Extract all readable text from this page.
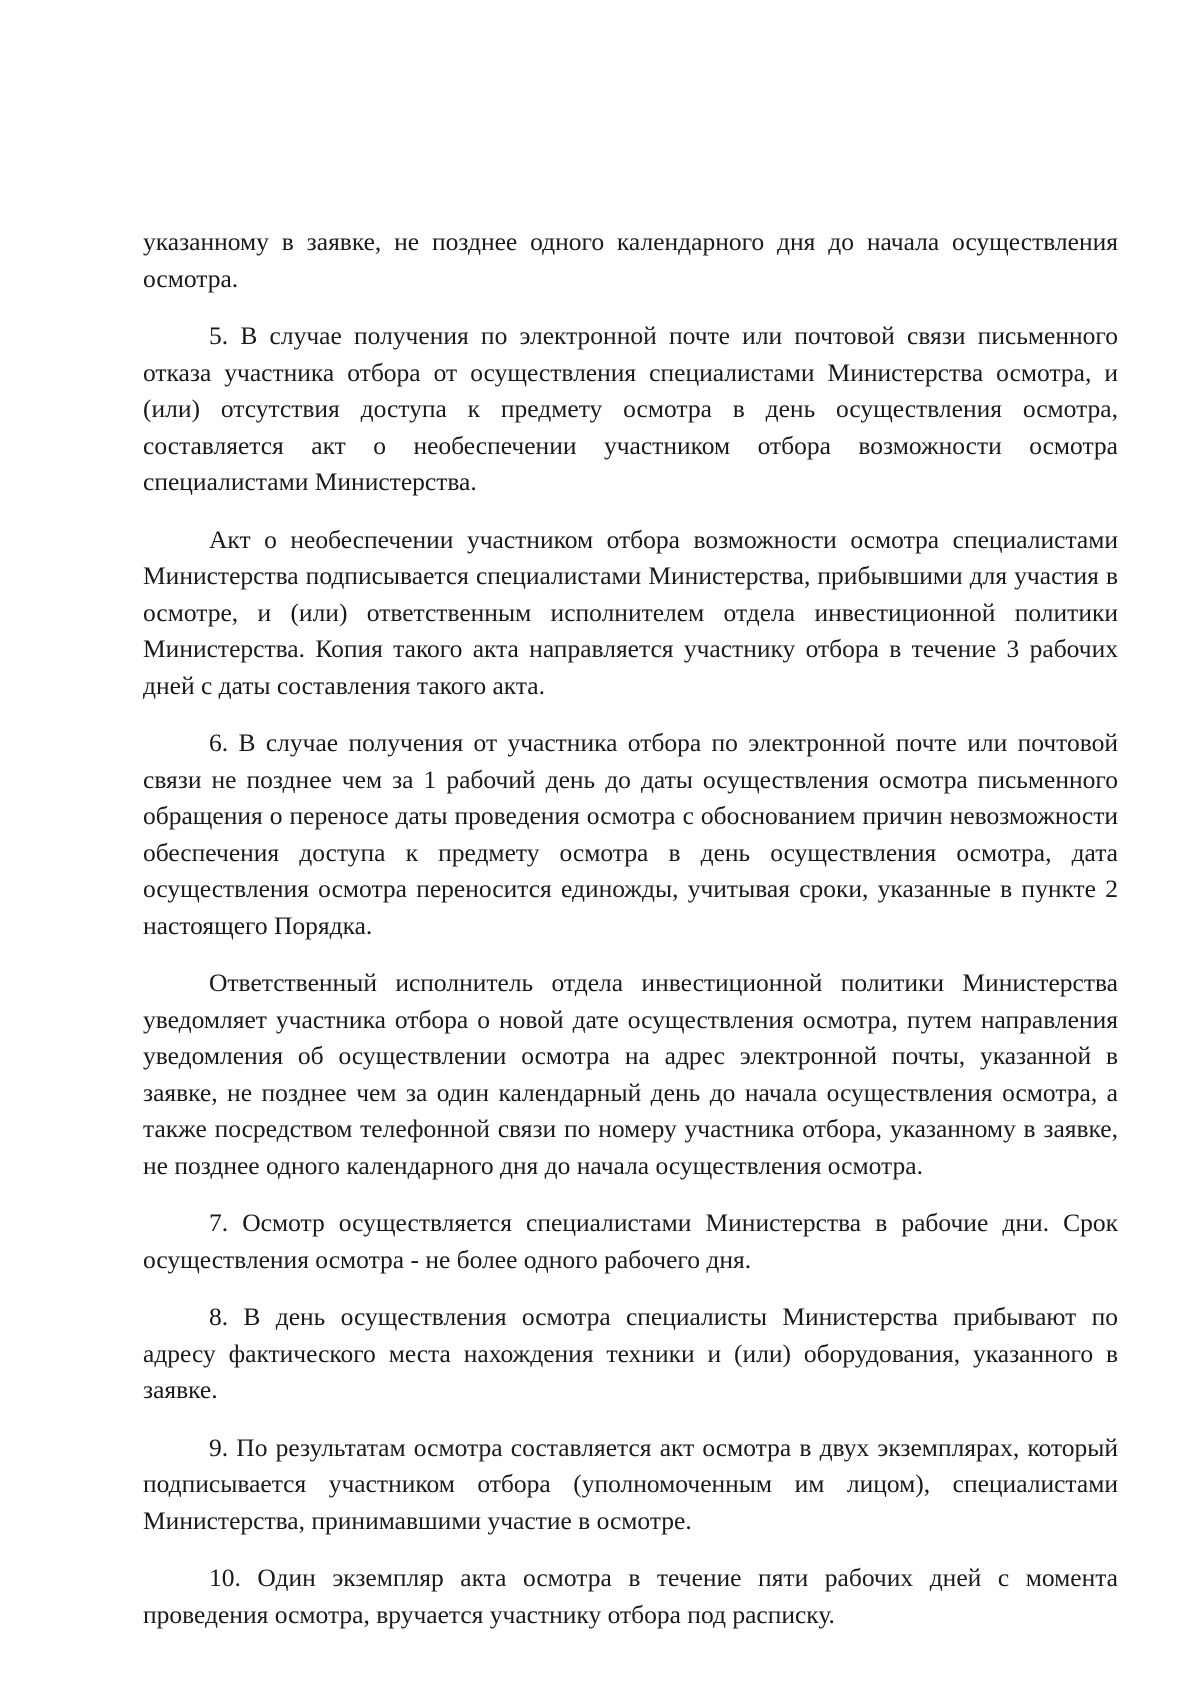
указанному в заявке, не позднее одного календарного дня до начала осуществления осмотра.

5. В случае получения по электронной почте или почтовой связи письменного отказа участника отбора от осуществления специалистами Министерства осмотра, и (или) отсутствия доступа к предмету осмотра в день осуществления осмотра, составляется акт о необеспечении участником отбора возможности осмотра специалистами Министерства.

Акт о необеспечении участником отбора возможности осмотра специалистами Министерства подписывается специалистами Министерства, прибывшими для участия в осмотре, и (или) ответственным исполнителем отдела инвестиционной политики Министерства. Копия такого акта направляется участнику отбора в течение 3 рабочих дней с даты составления такого акта.

6. В случае получения от участника отбора по электронной почте или почтовой связи не позднее чем за 1 рабочий день до даты осуществления осмотра письменного обращения о переносе даты проведения осмотра с обоснованием причин невозможности обеспечения доступа к предмету осмотра в день осуществления осмотра, дата осуществления осмотра переносится единожды, учитывая сроки, указанные в пункте 2 настоящего Порядка.

Ответственный исполнитель отдела инвестиционной политики Министерства уведомляет участника отбора о новой дате осуществления осмотра, путем направления уведомления об осуществлении осмотра на адрес электронной почты, указанной в заявке, не позднее чем за один календарный день до начала осуществления осмотра, а также посредством телефонной связи по номеру участника отбора, указанному в заявке, не позднее одного календарного дня до начала осуществления осмотра.

7. Осмотр осуществляется специалистами Министерства в рабочие дни. Срок осуществления осмотра - не более одного рабочего дня.

8. В день осуществления осмотра специалисты Министерства прибывают по адресу фактического места нахождения техники и (или) оборудования, указанного в заявке.

9. По результатам осмотра составляется акт осмотра в двух экземплярах, который подписывается участником отбора (уполномоченным им лицом), специалистами Министерства, принимавшими участие в осмотре.

10. Один экземпляр акта осмотра в течение пяти рабочих дней с момента проведения осмотра, вручается участнику отбора под расписку.
